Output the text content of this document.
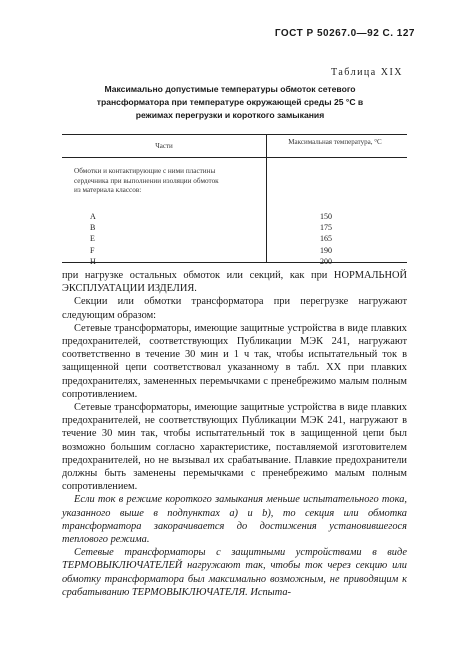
ГОСТ Р 50267.0—92 С. 127
Таблица XIX
Максимально допустимые температуры обмоток сетевого трансформатора при температуре окружающей среды 25 °С в режимах перегрузки и короткого замыкания
Части	Максимальная температура, °С
Обмотки и контактирующие с ними пластины сердечника при выполнении изоляции обмоток из материала классов:
A
B
E
F
H
150
175
165
190
200

при нагрузке остальных обмоток или секций, как при НОРМАЛЬНОЙ ЭКСПЛУАТАЦИИ ИЗДЕЛИЯ.

Секции или обмотки трансформатора при перегрузке нагружают следующим образом:

Сетевые трансформаторы, имеющие защитные устройства в виде плавких предохранителей, соответствующих Публикации МЭК 241, нагружают соответственно в течение 30 мин и 1 ч так, чтобы испытательный ток в защищенной цепи соответствовал указанному в табл. XX при плавких предохранителях, замененных перемычками с пренебрежимо малым полным сопротивлением.

Сетевые трансформаторы, имеющие защитные устройства в виде плавких предохранителей, не соответствующих Публикации МЭК 241, нагружают в течение 30 мин так, чтобы испытательный ток в защищенной цепи был возможно большим согласно характеристике, поставляемой изготовителем предохранителей, но не вызывал их срабатывание. Плавкие предохранители должны быть заменены перемычками с пренебрежимо малым полным сопротивлением.

Если ток в режиме короткого замыкания меньше испытательного тока, указанного выше в подпунктах a) и b), то секция или обмотка трансформатора закорачивается до достижения установившегося теплового режима.

Сетевые трансформаторы с защитными устройствами в виде ТЕРМОВЫКЛЮЧАТЕЛЕЙ нагружают так, чтобы ток через секцию или обмотку трансформатора был максимально возможным, не приводящим к срабатыванию ТЕРМОВЫКЛЮЧАТЕЛЯ. Испыта-
